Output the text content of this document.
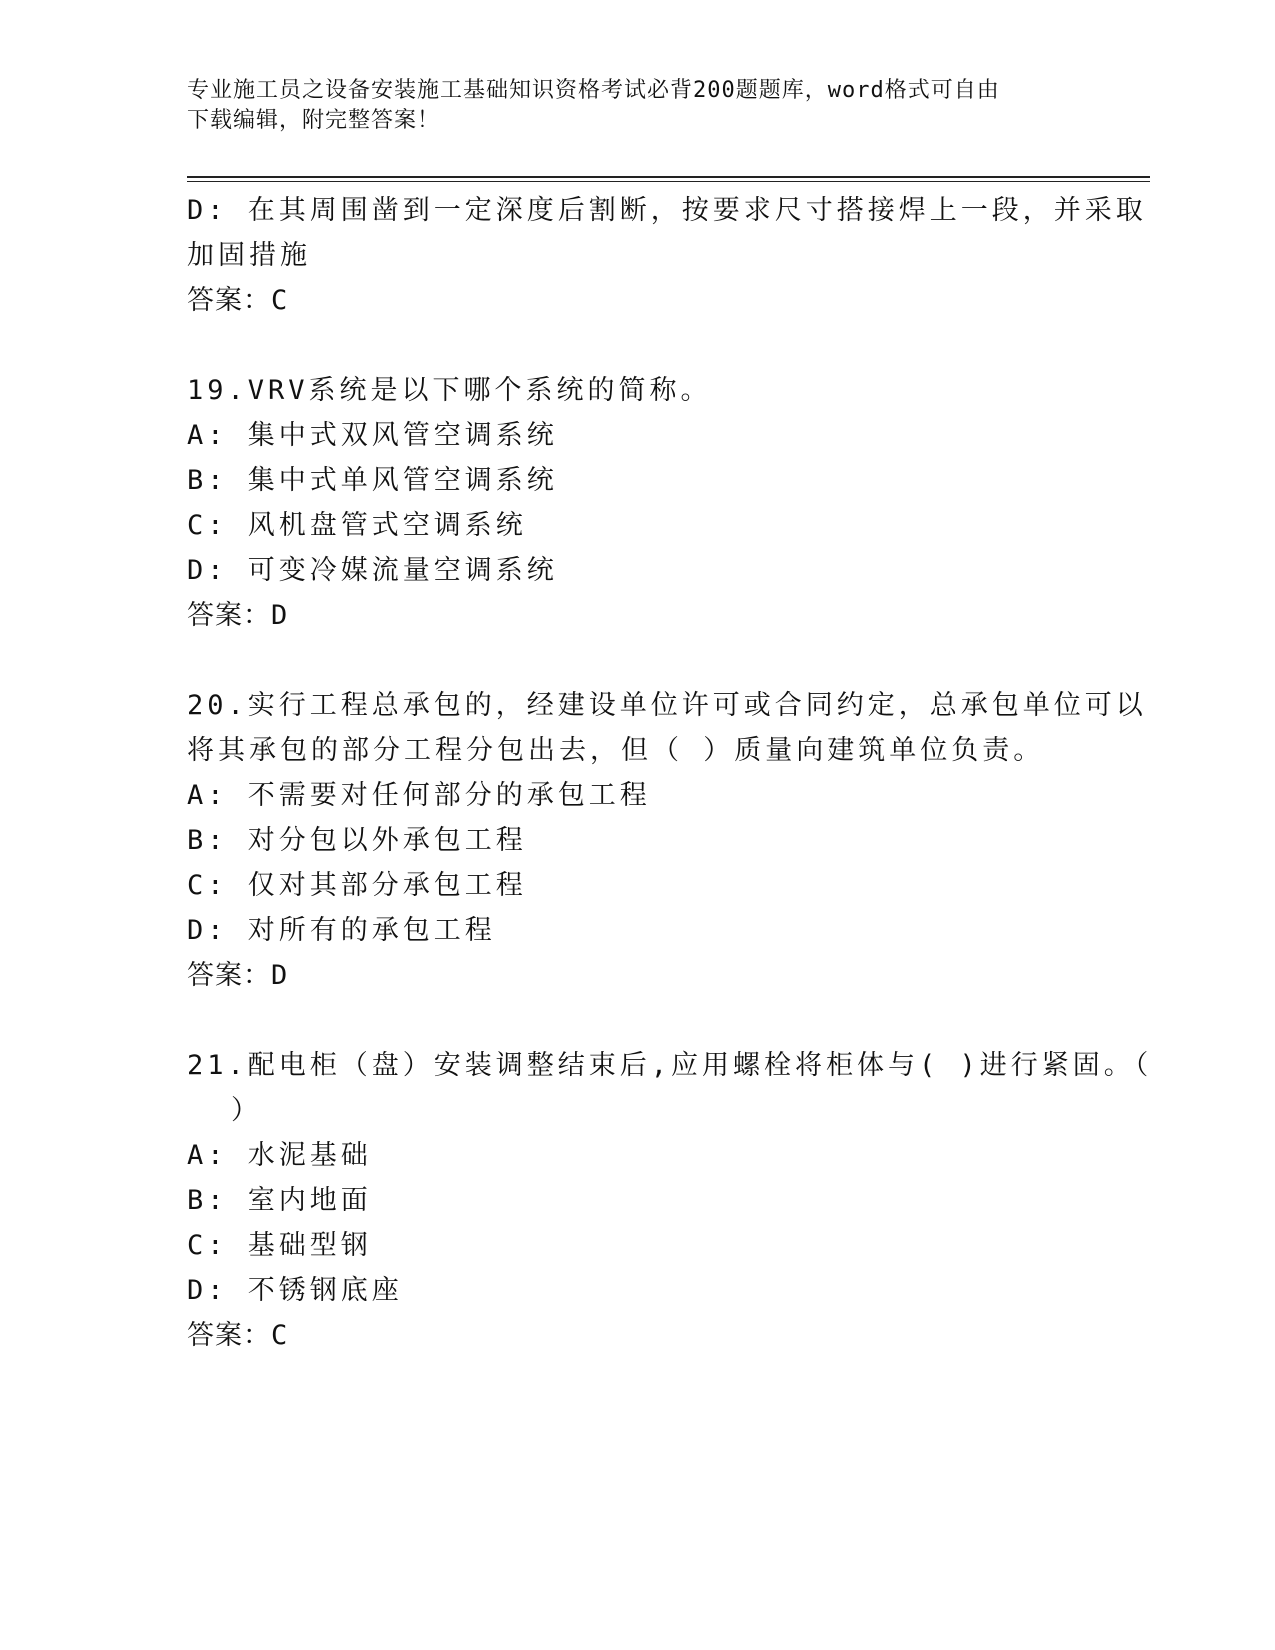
专业施工员之设备安装施工基础知识资格考试必背200题题库，word格式可自由
下载编辑，附完整答案！
D: 在其周围凿到一定深度后割断，按要求尺寸搭接焊上一段，并采取
加固措施
答案：C
19.VRV系统是以下哪个系统的简称。
A: 集中式双风管空调系统
B: 集中式单风管空调系统
C: 风机盘管式空调系统
D: 可变冷媒流量空调系统
答案：D
20.实行工程总承包的，经建设单位许可或合同约定，总承包单位可以
将其承包的部分工程分包出去，但（ ）质量向建筑单位负责。
A: 不需要对任何部分的承包工程
B: 对分包以外承包工程
C: 仅对其部分承包工程
D: 对所有的承包工程
答案：D
21.配电柜（盘）安装调整结束后,应用螺栓将柜体与( )进行紧固。（
）
A: 水泥基础
B: 室内地面
C: 基础型钢
D: 不锈钢底座
答案：C
